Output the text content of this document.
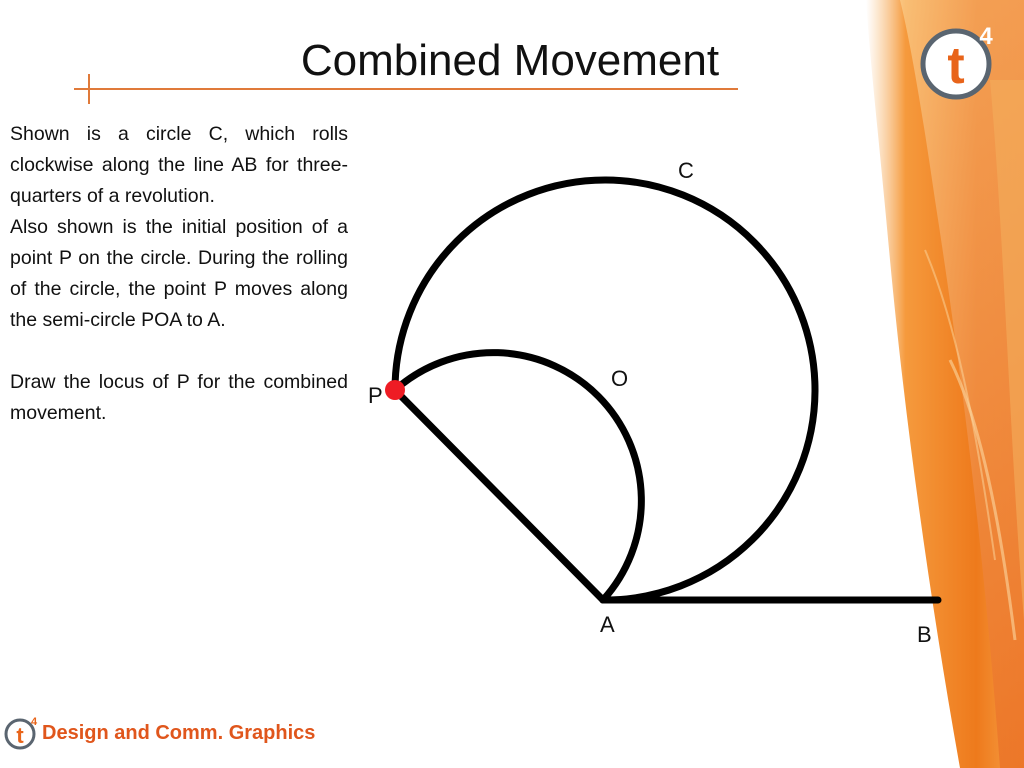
t
4
Combined Movement

Shown is a circle C, which rolls clockwise along the line AB for three-quarters of a revolution.

Also shown is the initial position of a point P on the circle. During the rolling of the circle, the point P moves along the semi-circle POA to A.

Draw the locus of P for the combined movement.

C
O
P
A	B
t
4 Design and Comm. Graphics
